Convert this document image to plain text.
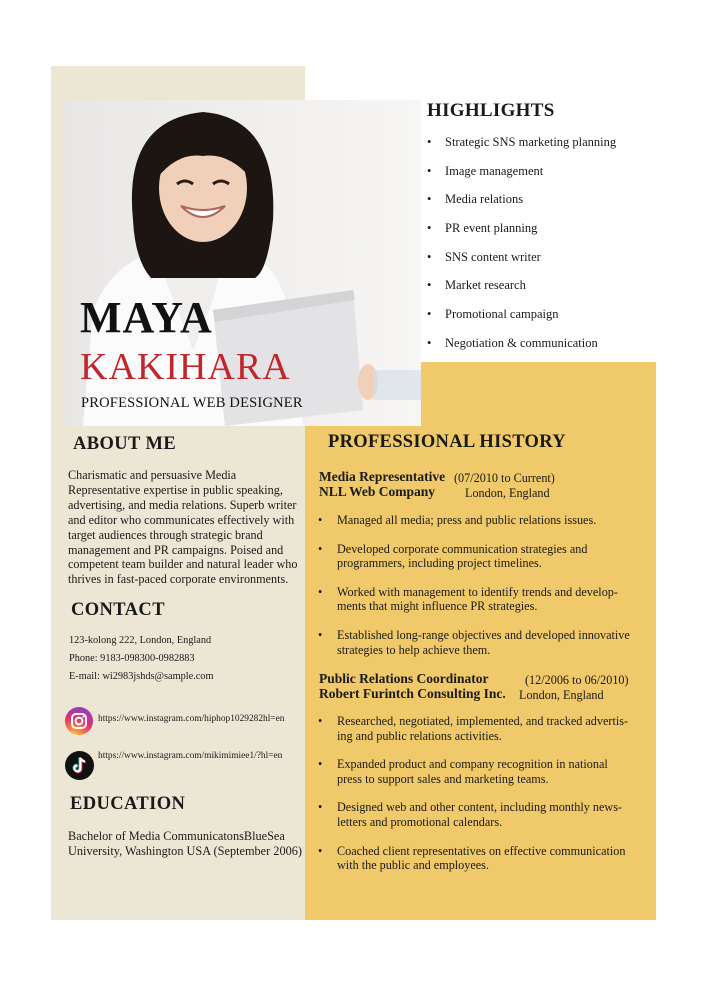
MAYA
KAKIHARA
PROFESSIONAL WEB DESIGNER
HIGHLIGHTS
• Strategic SNS marketing planning
• Image management
• Media relations
• PR event planning
• SNS content writer
• Market research
• Promotional campaign
• Negotiation & communication
ABOUT ME
Charismatic and persuasive Media
Representative expertise in public speaking,
advertising, and media relations. Superb writer
and editor who communicates effectively with
target audiences through strategic brand
management and PR campaigns. Poised and
competent team builder and natural leader who
thrives in fast-paced corporate environments.
CONTACT
123-kolong 222, London, England
Phone: 9183-098300-0982883
E-mail: wi2983jshds@sample.com
https://www.instagram.com/hiphop1029282hl=en
https://www.instagram.com/mikimimiee1/?hl=en
EDUCATION
Bachelor of Media CommunicatonsBlueSea
University, Washington USA (September 2006)
PROFESSIONAL HISTORY
Media Representative (07/2010 to Current)
NLL Web Company London, England
• Managed all media; press and public relations issues.
• Developed corporate communication strategies and
programmers, including project timelines.
• Worked with management to identify trends and develop-
ments that might influence PR strategies.
• Established long-range objectives and developed innovative
strategies to help achieve them.
Public Relations Coordinator	(12/2006 to 06/2010)
Robert Furintch Consulting Inc. London, England
• Researched, negotiated, implemented, and tracked advertis-
ing and public relations activities.
• Expanded product and company recognition in national
press to support sales and marketing teams.
• Designed web and other content, including monthly news-
letters and promotional calendars.
• Coached client representatives on effective communication
with the public and employees.
